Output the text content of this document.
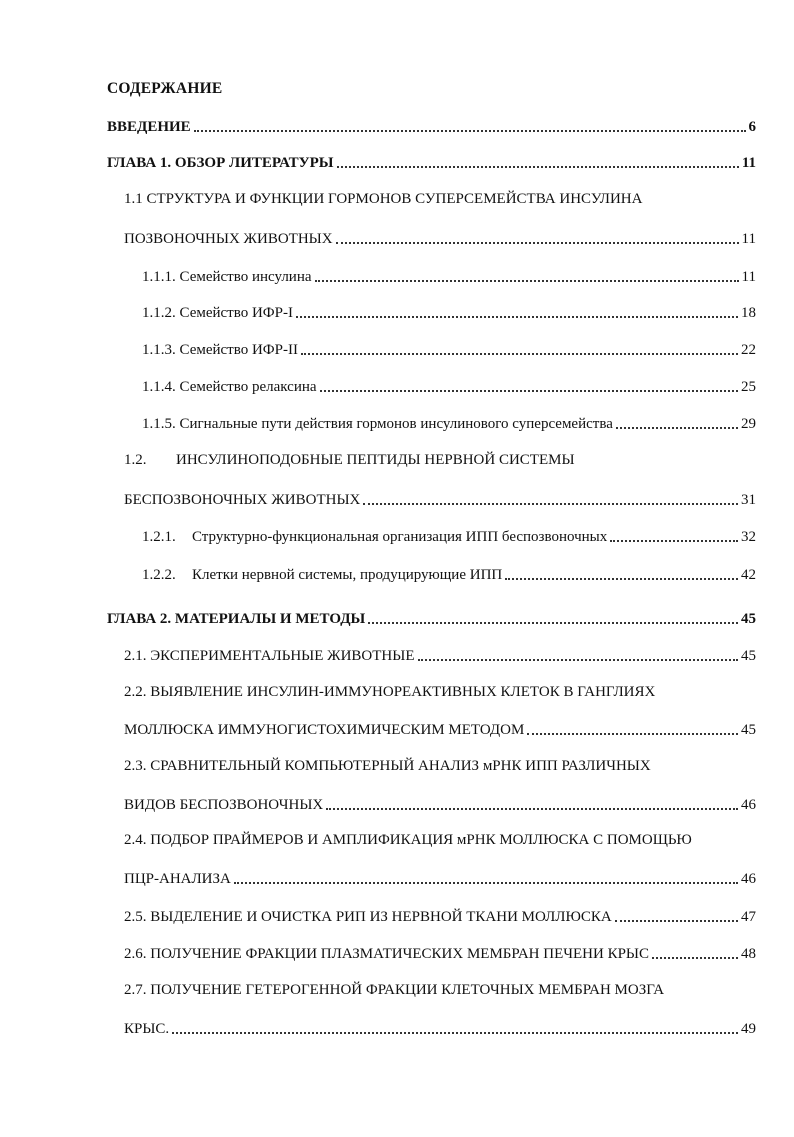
СОДЕРЖАНИЕ
ВВЕДЕНИЕ	6
ГЛАВА 1. ОБЗОР ЛИТЕРАТУРЫ	11
1.1 СТРУКТУРА И ФУНКЦИИ ГОРМОНОВ СУПЕРСЕМЕЙСТВА ИНСУЛИНА
ПОЗВОНОЧНЫХ ЖИВОТНЫХ	11
1.1.1. Семейство инсулина	11
1.1.2. Семейство ИФР-I	18
1.1.3. Семейство ИФР-II	22
1.1.4. Семейство релаксина	25
1.1.5. Сигнальные пути действия гормонов инсулинового суперсемейства	29
1.2. ИНСУЛИНОПОДОБНЫЕ ПЕПТИДЫ НЕРВНОЙ СИСТЕМЫ
БЕСПОЗВОНОЧНЫХ ЖИВОТНЫХ	31
1.2.1.	Структурно-функциональная организация ИПП беспозвоночных	32
1.2.2.	Клетки нервной системы, продуцирующие ИПП	42
ГЛАВА 2. МАТЕРИАЛЫ И МЕТОДЫ	45
2.1. ЭКСПЕРИМЕНТАЛЬНЫЕ ЖИВОТНЫЕ	45
2.2. ВЫЯВЛЕНИЕ ИНСУЛИН-ИММУНОРЕАКТИВНЫХ КЛЕТОК В ГАНГЛИЯХ
МОЛЛЮСКА ИММУНОГИСТОХИМИЧЕСКИМ МЕТОДОМ	45
2.3. СРАВНИТЕЛЬНЫЙ КОМПЬЮТЕРНЫЙ АНАЛИЗ мРНК ИПП РАЗЛИЧНЫХ
ВИДОВ БЕСПОЗВОНОЧНЫХ	46
2.4. ПОДБОР ПРАЙМЕРОВ И АМПЛИФИКАЦИЯ мРНК МОЛЛЮСКА С ПОМОЩЬЮ
ПЦР-АНАЛИЗА	46
2.5. ВЫДЕЛЕНИЕ И ОЧИСТКА РИП ИЗ НЕРВНОЙ ТКАНИ МОЛЛЮСКА	47
2.6. ПОЛУЧЕНИЕ ФРАКЦИИ ПЛАЗМАТИЧЕСКИХ МЕМБРАН ПЕЧЕНИ КРЫС	48
2.7. ПОЛУЧЕНИЕ ГЕТЕРОГЕННОЙ ФРАКЦИИ КЛЕТОЧНЫХ МЕМБРАН МОЗГА
КРЫС.	49
